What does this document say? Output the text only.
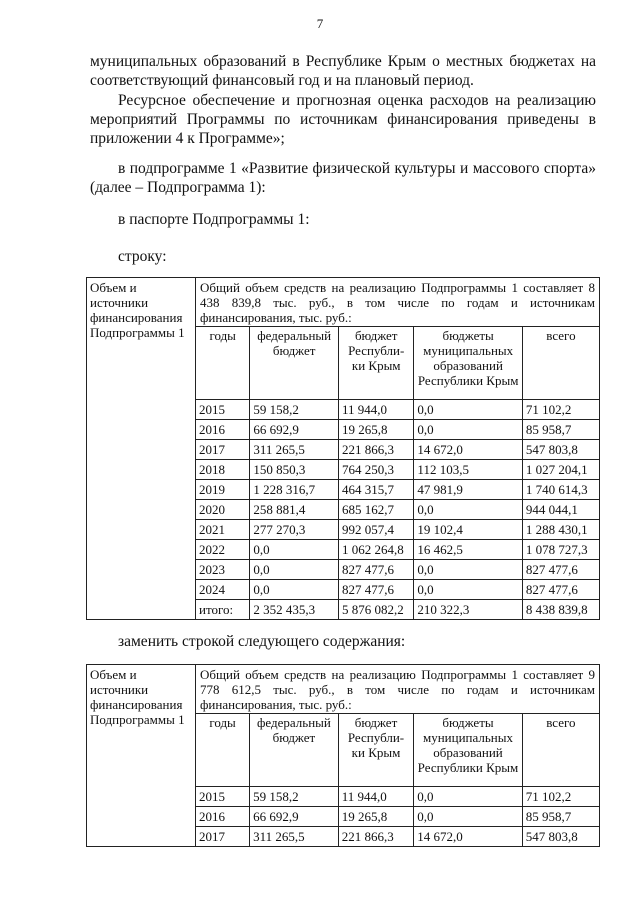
7
муниципальных образований в Республике Крым о местных бюджетах на
соответствующий финансовый год и на плановый период.
Ресурсное обеспечение и прогнозная оценка расходов на реализацию
мероприятий Программы по источникам финансирования приведены в
приложении 4 к Программе»;
в подпрограмме 1 «Развитие физической культуры и массового спорта»
(далее – Подпрограмма 1):
в паспорте Подпрограммы 1:
строку:
Объем и источники финансирования Подпрограммы 1	
Общий объем средств на реализацию Подпрограммы 1 составляет 8 438 839,8 тыс. руб., в том числе по годам и источникам финансирования, тыс. руб.:
годы	федеральный бюджет	бюджет Республи-ки Крым	бюджеты муниципальных образований Республики Крым	всего
2015	59 158,2	11 944,0	0,0	71 102,2
2016	66 692,9	19 265,8	0,0	85 958,7
2017	311 265,5	221 866,3	14 672,0	547 803,8
2018	150 850,3	764 250,3	112 103,5	1 027 204,1
2019	1 228 316,7	464 315,7	47 981,9	1 740 614,3
2020	258 881,4	685 162,7	0,0	944 044,1
2021	277 270,3	992 057,4	19 102,4	1 288 430,1
2022	0,0	1 062 264,8	16 462,5	1 078 727,3
2023	0,0	827 477,6	0,0	827 477,6
2024	0,0	827 477,6	0,0	827 477,6
итого:	2 352 435,3	5 876 082,2	210 322,3	8 438 839,8
заменить строкой следующего содержания:
Объем и источники финансирования Подпрограммы 1	
Общий объем средств на реализацию Подпрограммы 1 составляет 9 778 612,5 тыс. руб., в том числе по годам и источникам финансирования, тыс. руб.:
годы	федеральный бюджет	бюджет Республи-ки Крым	бюджеты муниципальных образований Республики Крым	всего
2015	59 158,2	11 944,0	0,0	71 102,2
2016	66 692,9	19 265,8	0,0	85 958,7
2017	311 265,5	221 866,3	14 672,0	547 803,8
